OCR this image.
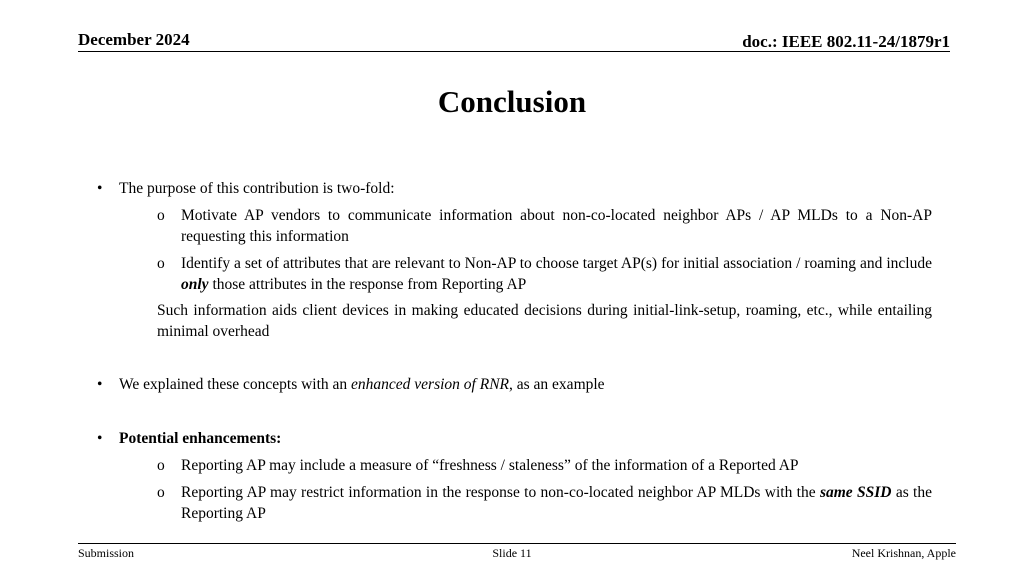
December 2024	doc.: IEEE 802.11-24/1879r1
Conclusion
• The purpose of this contribution is two-fold:
o Motivate AP vendors to communicate information about non-co-located neighbor APs / AP MLDs to a Non-AP requesting this information
o Identify a set of attributes that are relevant to Non-AP to choose target AP(s) for initial association / roaming and include only those attributes in the response from Reporting AP
Such information aids client devices in making educated decisions during initial-link-setup, roaming, etc., while entailing minimal overhead
• We explained these concepts with an enhanced version of RNR, as an example
• Potential enhancements:
o Reporting AP may include a measure of “freshness / staleness” of the information of a Reported AP
o Reporting AP may restrict information in the response to non-co-located neighbor AP MLDs with the same SSID as the Reporting AP
Submission	Slide 11	Neel Krishnan, Apple
